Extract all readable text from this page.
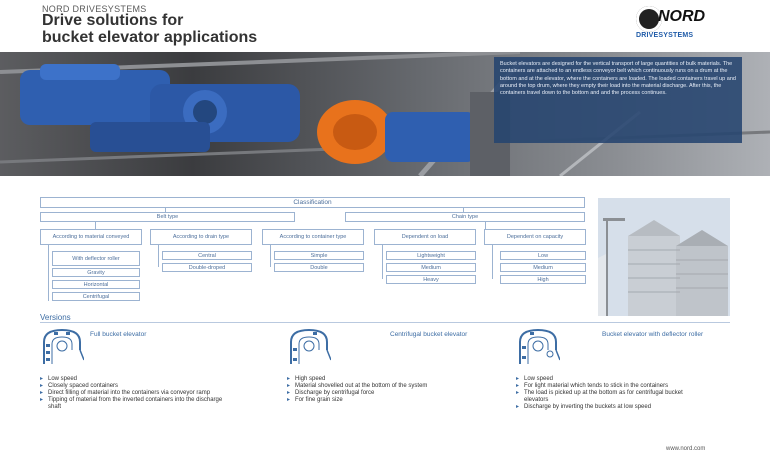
NORD DRIVESYSTEMS
Drive solutions for
bucket elevator applications
NORD
DRIVESYSTEMS
Bucket elevators are designed for the vertical transport of large quantities of bulk materials. The containers are attached to an endless conveyor belt which continuously runs on a drum at the bottom and at the elevator, where the containers are loaded. The loaded containers travel up and around the top drum, where they empty their load into the material discharge. After this, the containers travel down to the bottom and and the process continues.
Classification
Belt type	Chain type
According to material conveyed
With deflector roller
Gravity
Horizontal
Centrifugal
According to drain type
Central
Double-droped
According to container type
Simple
Double
Dependent on load
Lightweight
Medium
Heavy
Dependent on capacity
Low
Medium
High
Versions
Full bucket elevator
▸ Low speed
▸ Closely spaced containers
▸ Direct filling of material into the containers via conveyor ramp
▸ Tipping of material from the inverted containers into the discharge shaft
Centrifugal bucket elevator
▸ High speed
▸ Material shovelled out at the bottom of the system
▸ Discharge by centrifugal force
▸ For fine grain size
Bucket elevator with deflector roller
▸ Low speed
▸ For light material which tends to stick in the containers
▸ The load is picked up at the bottom as for centrifugal bucket elevators
▸ Discharge by inverting the buckets at low speed
www.nord.com
